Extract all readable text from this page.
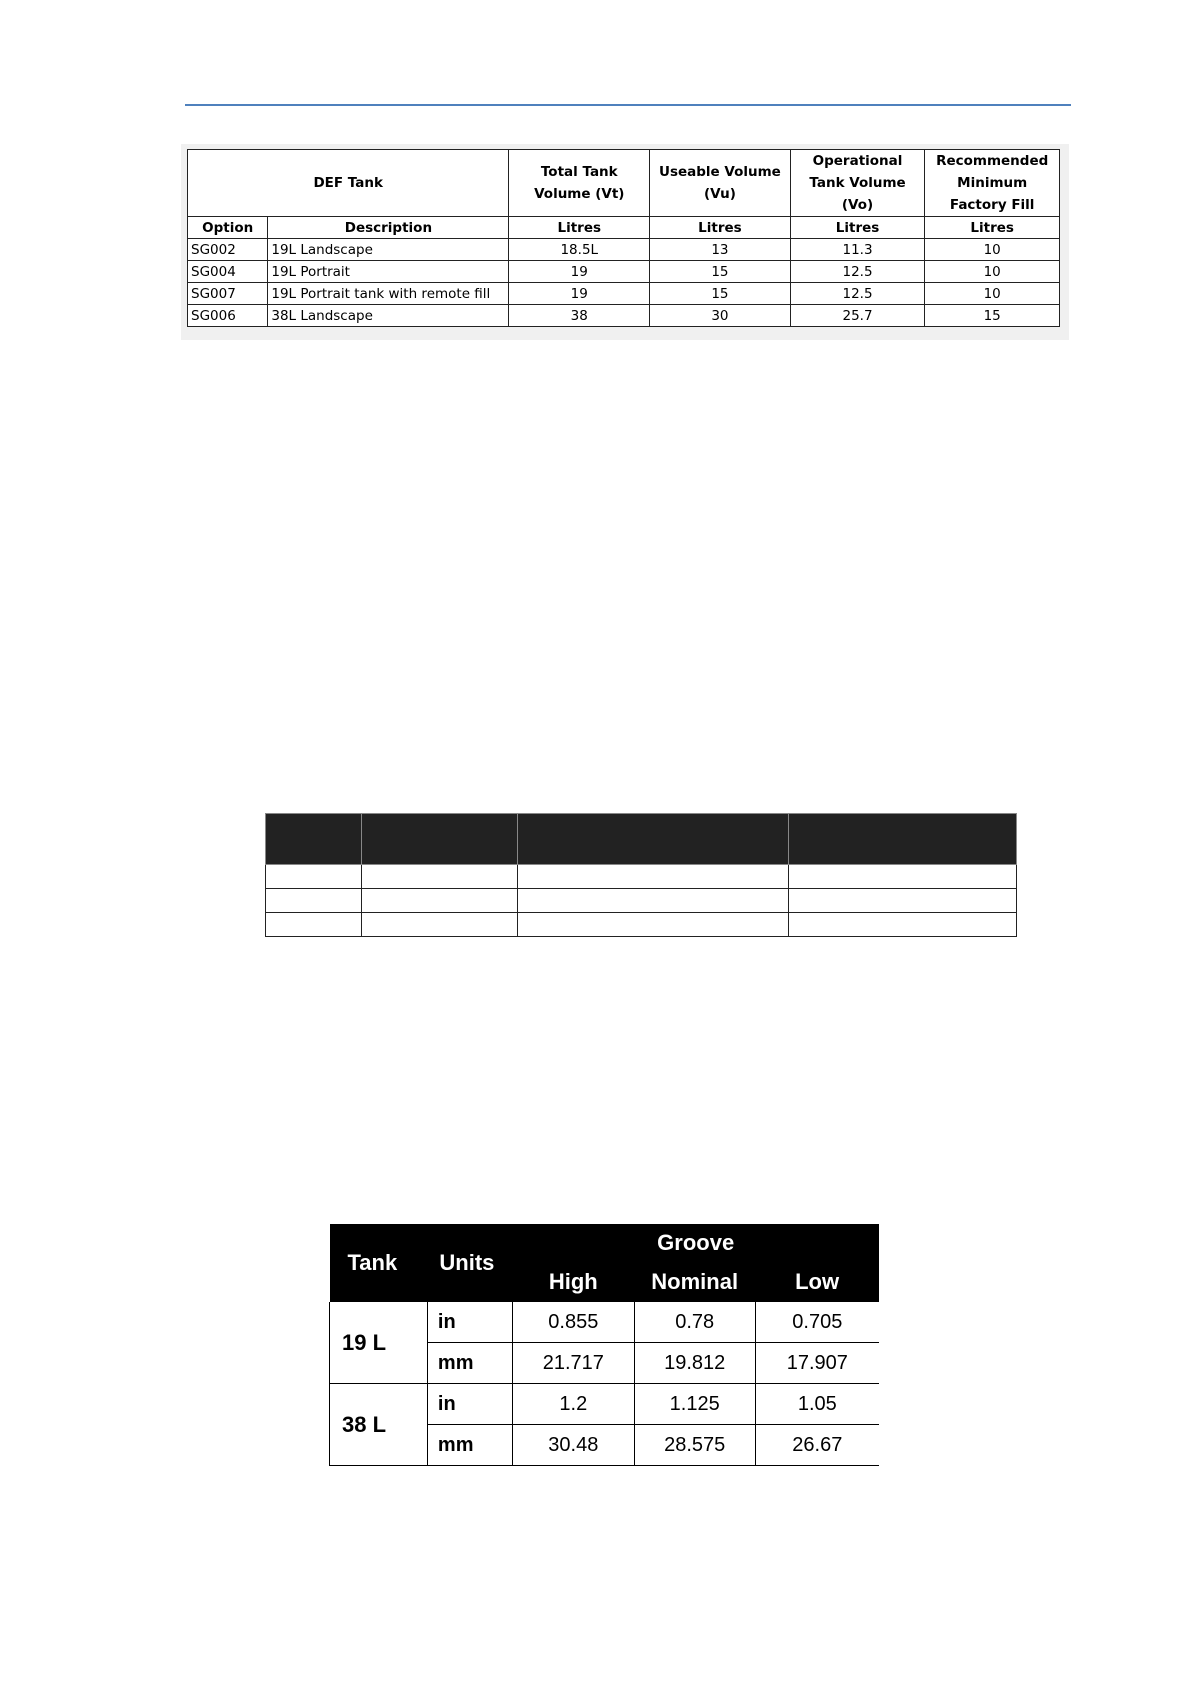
DEF Tank		Total Tank Volume (Vt)	Useable Volume (Vu)	Operational Tank Volume (Vo)	Recommended Minimum Factory Fill
Option	Description	Litres	Litres	Litres	Litres
SG002	19L Landscape	18.5L	13	11.3	10
SG004	19L Portrait	19	15	12.5	10
SG007	19L Portrait tank with remote fill	19	15	12.5	10
SG006	38L Landscape	38	30	25.7	15

Tank	Units	Groove		
		High	Nominal	Low
19 L	in	0.855	0.78	0.705
	mm	21.717	19.812	17.907
38 L	in	1.2	1.125	1.05
	mm	30.48	28.575	26.67
